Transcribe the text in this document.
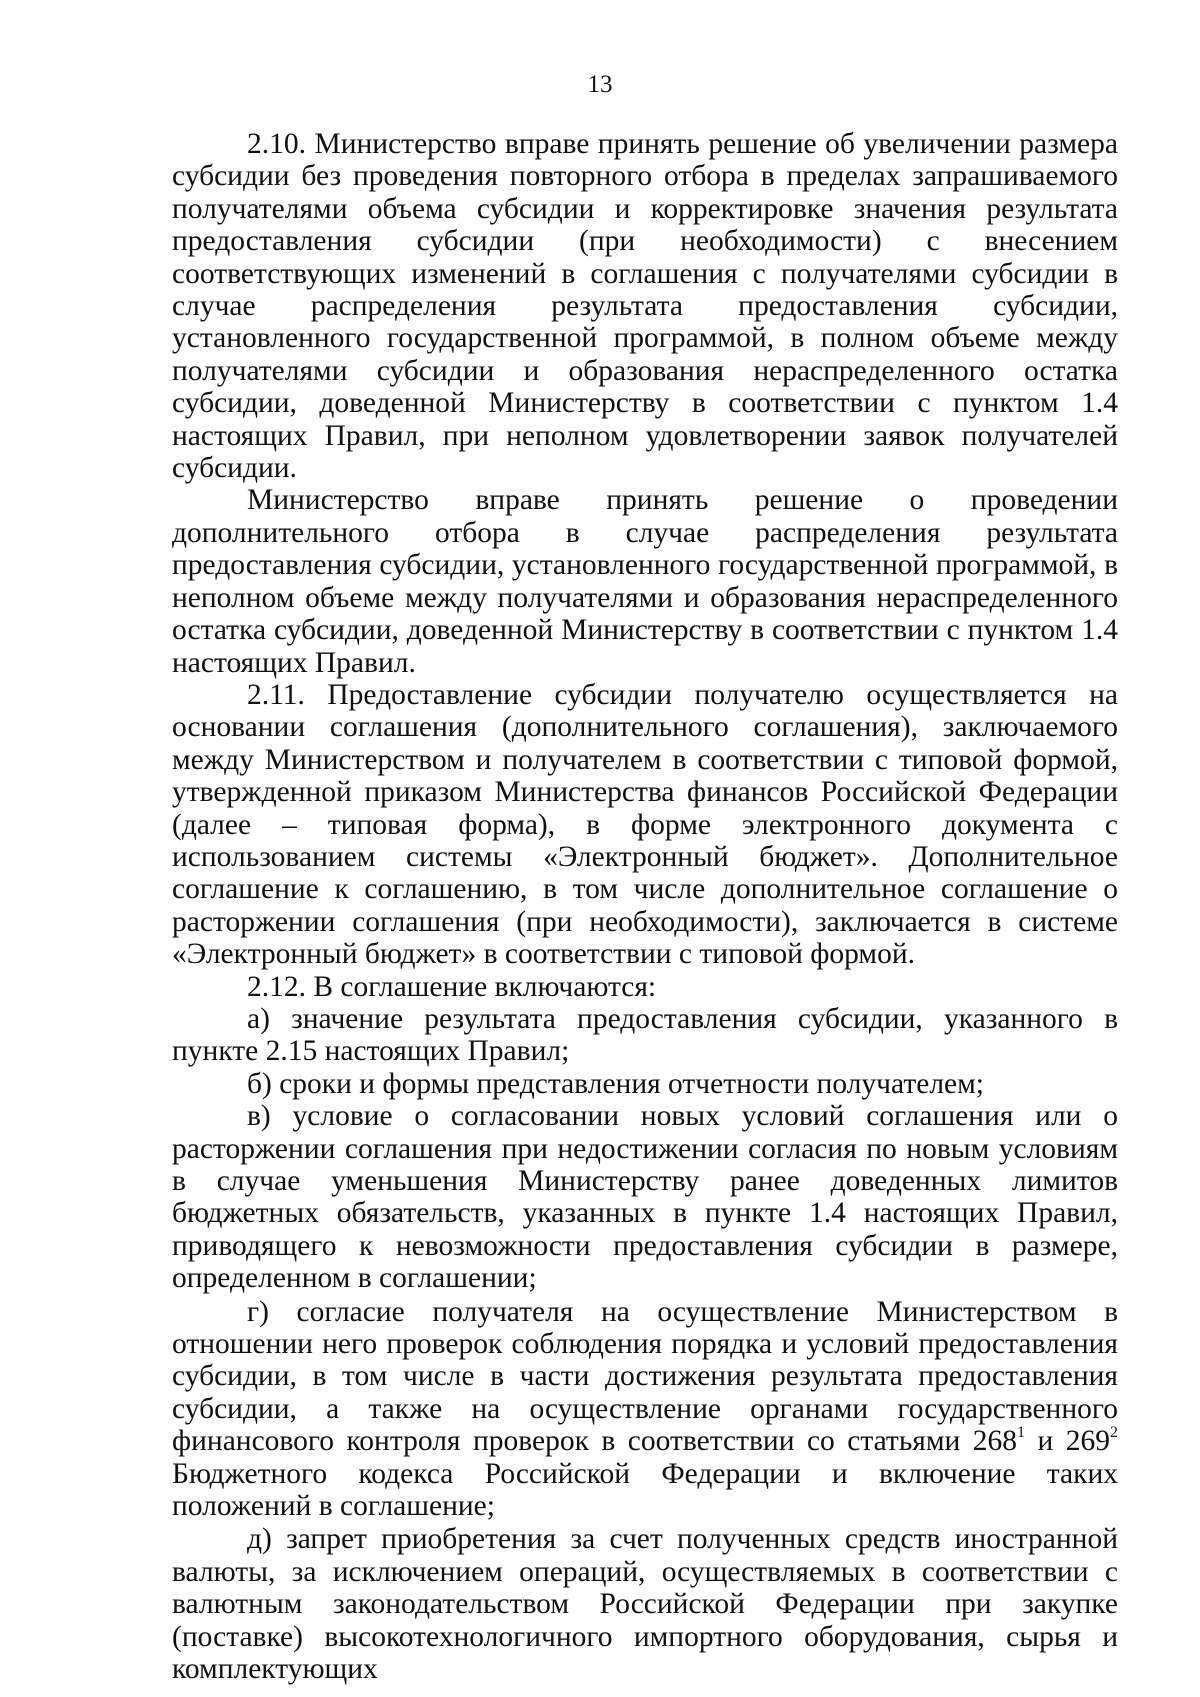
13

2.10. Министерство вправе принять решение об увеличении размера субсидии без проведения повторного отбора в пределах запрашиваемого получателями объема субсидии и корректировке значения результата предоставления субсидии (при необходимости) с внесением соответствующих изменений в соглашения с получателями субсидии в случае распределения результата предоставления субсидии, установленного государственной программой, в полном объеме между получателями субсидии и образования нераспределенного остатка субсидии, доведенной Министерству в соответствии с пунктом 1.4 настоящих Правил, при неполном удовлетворении заявок получателей субсидии.

Министерство вправе принять решение о проведении дополнительного отбора в случае распределения результата предоставления субсидии, установленного государственной программой, в неполном объеме между получателями и образования нераспределенного остатка субсидии, доведенной Министерству в соответствии с пунктом 1.4 настоящих Правил.

2.11. Предоставление субсидии получателю осуществляется на основании соглашения (дополнительного соглашения), заключаемого между Министерством и получателем в соответствии с типовой формой, утвержденной приказом Министерства финансов Российской Федерации (далее – типовая форма), в форме электронного документа с использованием системы «Электронный бюджет». Дополнительное соглашение к соглашению, в том числе дополнительное соглашение о расторжении соглашения (при необходимости), заключается в системе «Электронный бюджет» в соответствии с типовой формой.

2.12. В соглашение включаются:

а) значение результата предоставления субсидии, указанного в пункте 2.15 настоящих Правил;

б) сроки и формы представления отчетности получателем;

в) условие о согласовании новых условий соглашения или о расторжении соглашения при недостижении согласия по новым условиям в случае уменьшения Министерству ранее доведенных лимитов бюджетных обязательств, указанных в пункте 1.4 настоящих Правил, приводящего к невозможности предоставления субсидии в размере, определенном в соглашении;

г) согласие получателя на осуществление Министерством в отношении него проверок соблюдения порядка и условий предоставления субсидии, в том числе в части достижения результата предоставления субсидии, а также на осуществление органами государственного финансового контроля проверок в соответствии со статьями $268^1$ и $269^2$ Бюджетного кодекса Российской Федерации и включение таких положений в соглашение;

д) запрет приобретения за счет полученных средств иностранной валюты, за исключением операций, осуществляемых в соответствии с валютным законодательством Российской Федерации при закупке (поставке) высокотехнологичного импортного оборудования, сырья и комплектующих
